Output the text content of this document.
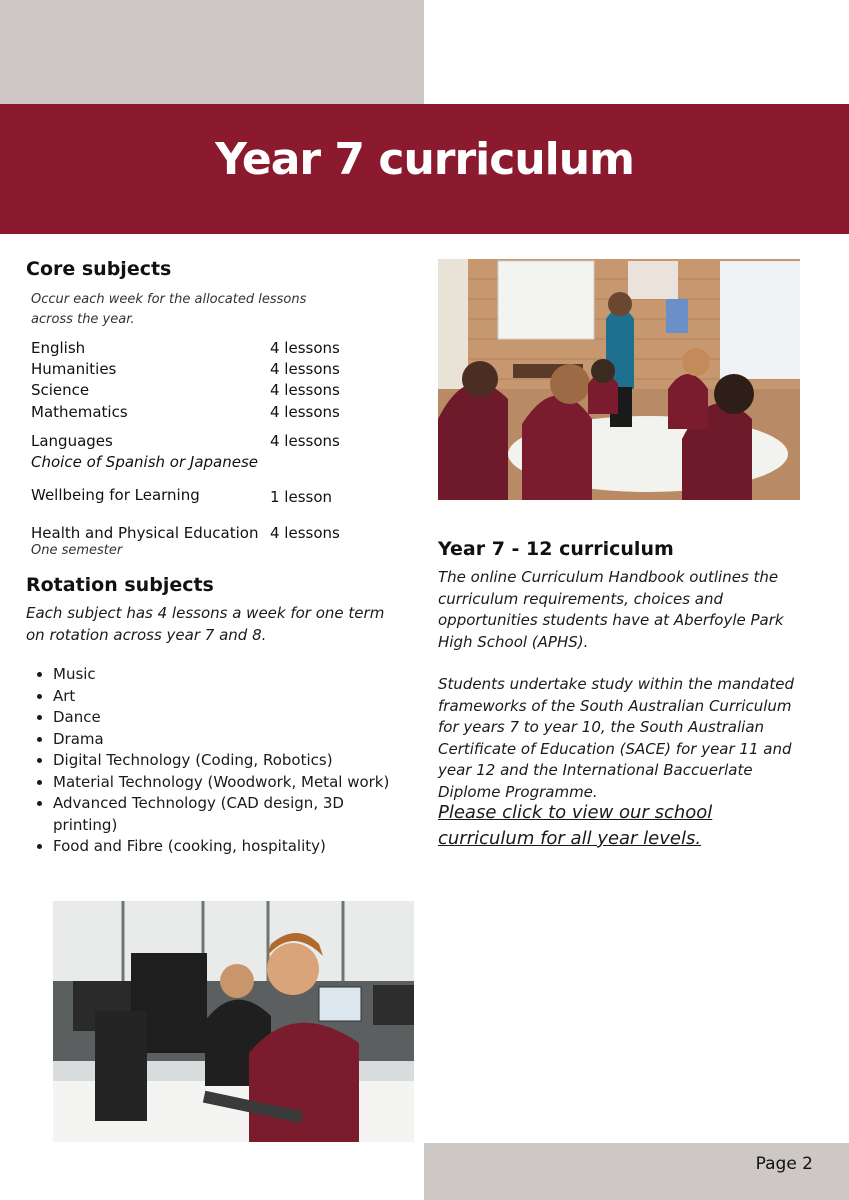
Year 7 curriculum
Core subjects
Occur each week for the allocated lessons across the year.
English	4 lessons
Humanities	4 lessons
Science	4 lessons
Mathematics	4 lessons
Languages	4 lessons
Choice of Spanish or Japanese
Wellbeing for Learning	1 lesson
Health and Physical Education 4 lessons
One semester
Rotation subjects
Each subject has 4 lessons a week for one term on rotation across year 7 and 8.
• Music
• Art
• Dance
• Drama
• Digital Technology (Coding, Robotics)
• Material Technology (Woodwork, Metal work)
• Advanced Technology (CAD design, 3D printing)
• Food and Fibre (cooking, hospitality)
Year 7 - 12 curriculum
The online Curriculum Handbook outlines the curriculum requirements, choices and opportunities students have at Aberfoyle Park High School (APHS).
Students undertake study within the mandated frameworks of the South Australian Curriculum for years 7 to year 10, the South Australian Certificate of Education (SACE) for year 11 and year 12 and the International Baccuerlate Diplome Programme.
Please click to view our school curriculum for all year levels.
Page 2
